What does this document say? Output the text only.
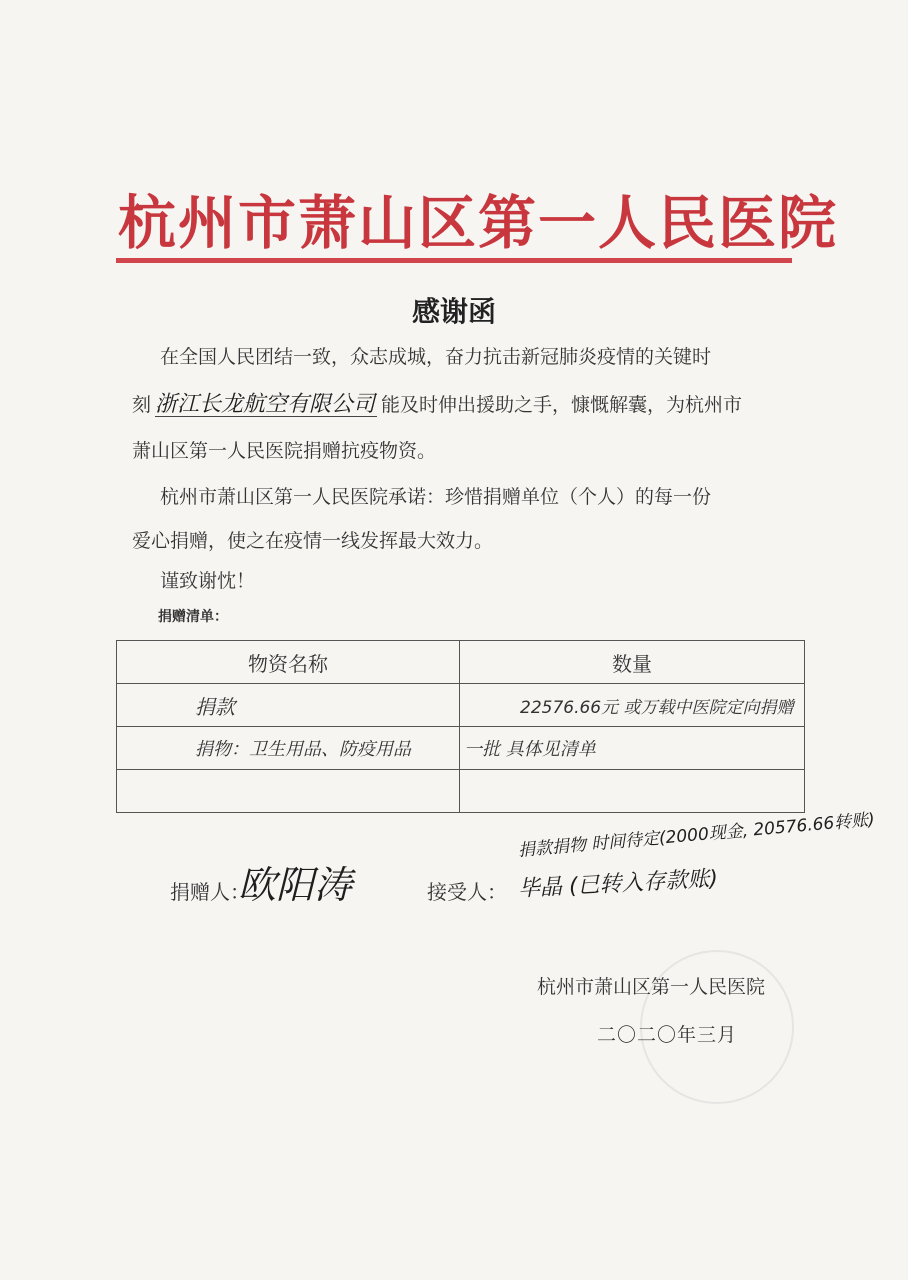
杭州市萧山区第一人民医院
感谢函
在全国人民团结一致，众志成城，奋力抗击新冠肺炎疫情的关键时
刻 浙江长龙航空有限公司 能及时伸出援助之手，慷慨解囊，为杭州市
萧山区第一人民医院捐赠抗疫物资。
杭州市萧山区第一人民医院承诺：珍惜捐赠单位（个人）的每一份
爱心捐赠，使之在疫情一线发挥最大效力。
谨致谢忱！
捐赠清单：
物资名称	数量
捐款	22576.66元 或万载中医院定向捐赠
捐物：卫生用品、防疫用品	一批 具体见清单

捐赠人：
欧阳涛	接受人：
捐款捐物 时间待定(2000现金, 20576.66转账)
毕晶 (已转入存款账)
杭州市萧山区第一人民医院
二〇二〇年三月
